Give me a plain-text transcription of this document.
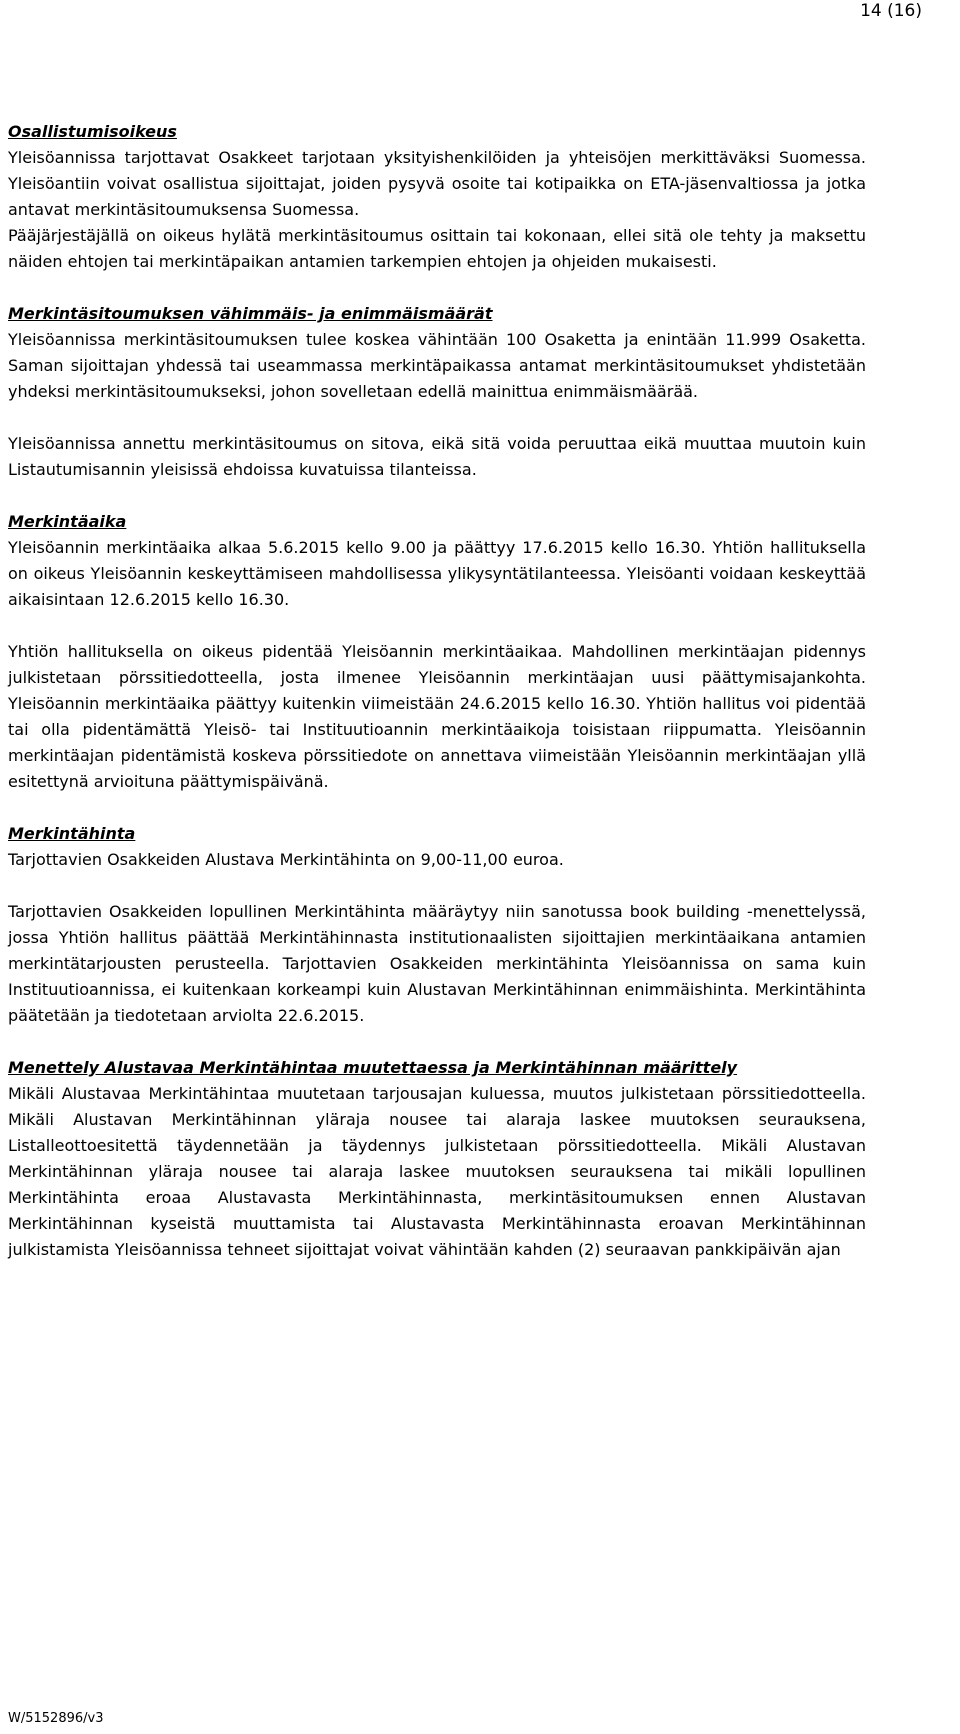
14 (16)

Osallistumisoikeus

Yleisöannissa tarjottavat Osakkeet tarjotaan yksityishenkilöiden ja yhteisöjen merkittäväksi Suomessa. Yleisöantiin voivat osallistua sijoittajat, joiden pysyvä osoite tai kotipaikka on ETA-jäsenvaltiossa ja jotka antavat merkintäsitoumuksensa Suomessa.

Pääjärjestäjällä on oikeus hylätä merkintäsitoumus osittain tai kokonaan, ellei sitä ole tehty ja maksettu näiden ehtojen tai merkintäpaikan antamien tarkempien ehtojen ja ohjeiden mukaisesti.

Merkintäsitoumuksen vähimmäis- ja enimmäismäärät

Yleisöannissa merkintäsitoumuksen tulee koskea vähintään 100 Osaketta ja enintään 11.999 Osaketta. Saman sijoittajan yhdessä tai useammassa merkintäpaikassa antamat merkintäsitoumukset yhdistetään yhdeksi merkintäsitoumukseksi, johon sovelletaan edellä mainittua enimmäismäärää.

Yleisöannissa annettu merkintäsitoumus on sitova, eikä sitä voida peruuttaa eikä muuttaa muutoin kuin Listautumisannin yleisissä ehdoissa kuvatuissa tilanteissa.

Merkintäaika

Yleisöannin merkintäaika alkaa 5.6.2015 kello 9.00 ja päättyy 17.6.2015 kello 16.30. Yhtiön hallituksella on oikeus Yleisöannin keskeyttämiseen mahdollisessa ylikysyntätilanteessa. Yleisöanti voidaan keskeyttää aikaisintaan 12.6.2015 kello 16.30.

Yhtiön hallituksella on oikeus pidentää Yleisöannin merkintäaikaa. Mahdollinen merkintäajan pidennys julkistetaan pörssitiedotteella, josta ilmenee Yleisöannin merkintäajan uusi päättymisajankohta. Yleisöannin merkintäaika päättyy kuitenkin viimeistään 24.6.2015 kello 16.30. Yhtiön hallitus voi pidentää tai olla pidentämättä Yleisö- tai Instituutioannin merkintäaikoja toisistaan riippumatta. Yleisöannin merkintäajan pidentämistä koskeva pörssitiedote on annettava viimeistään Yleisöannin merkintäajan yllä esitettynä arvioituna päättymispäivänä.

Merkintähinta

Tarjottavien Osakkeiden Alustava Merkintähinta on 9,00-11,00 euroa.

Tarjottavien Osakkeiden lopullinen Merkintähinta määräytyy niin sanotussa book building -menettelyssä, jossa Yhtiön hallitus päättää Merkintähinnasta institutionaalisten sijoittajien merkintäaikana antamien merkintätarjousten perusteella. Tarjottavien Osakkeiden merkintähinta Yleisöannissa on sama kuin Instituutioannissa, ei kuitenkaan korkeampi kuin Alustavan Merkintähinnan enimmäishinta. Merkintähinta päätetään ja tiedotetaan arviolta 22.6.2015.

Menettely Alustavaa Merkintähintaa muutettaessa ja Merkintähinnan määrittely

Mikäli Alustavaa Merkintähintaa muutetaan tarjousajan kuluessa, muutos julkistetaan pörssitiedotteella. Mikäli Alustavan Merkintähinnan yläraja nousee tai alaraja laskee muutoksen seurauksena, Listalleottoesitettä täydennetään ja täydennys julkistetaan pörssitiedotteella. Mikäli Alustavan Merkintähinnan yläraja nousee tai alaraja laskee muutoksen seurauksena tai mikäli lopullinen Merkintähinta eroaa Alustavasta Merkintähinnasta, merkintäsitoumuksen ennen Alustavan Merkintähinnan kyseistä muuttamista tai Alustavasta Merkintähinnasta eroavan Merkintähinnan julkistamista Yleisöannissa tehneet sijoittajat voivat vähintään kahden (2) seuraavan pankkipäivän ajan

W/5152896/v3
